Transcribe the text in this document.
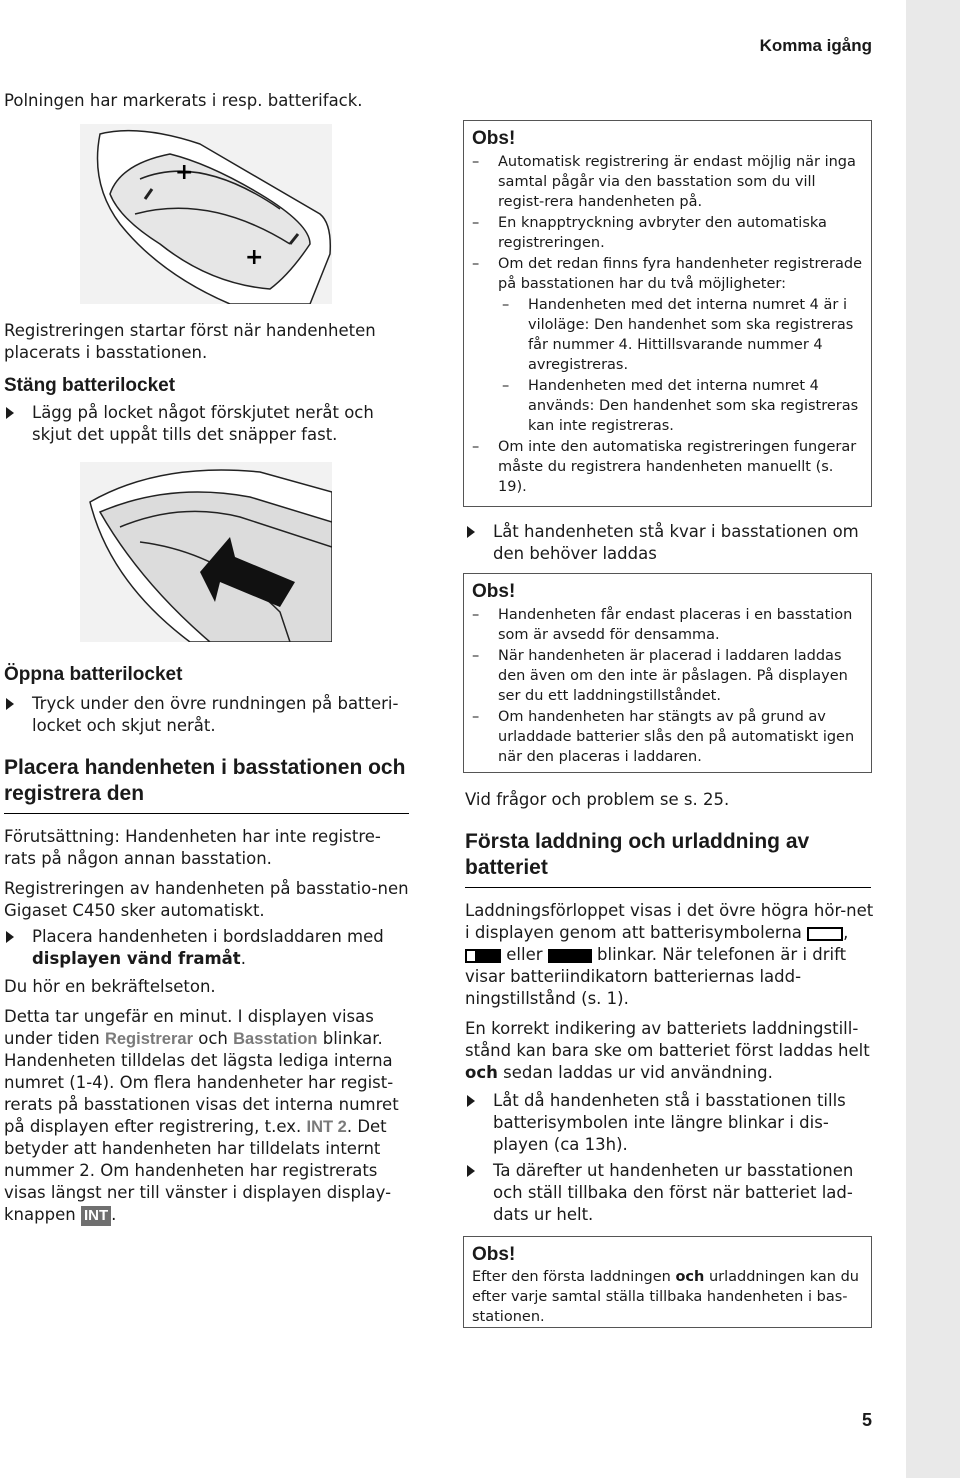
Komma igång

Polningen har markerats i resp. batterifack.

+
+

Registreringen startar först när handenheten placerats i basstationen.

Stäng batterilocket
Lägg på locket något förskjutet neråt och skjut det uppåt tills det snäpper fast.
Öppna batterilocket
Tryck under den övre rundningen på batteri-locket och skjut neråt.
Placera handenheten i basstationen och registrera den

Förutsättning: Handenheten har inte registre-rats på någon annan basstation.

Registreringen av handenheten på basstatio-nen Gigaset C450 sker automatiskt.

Placera handenheten i bordsladdaren med displayen vänd framåt.

Du hör en bekräftelseton.

Detta tar ungefär en minut. I displayen visas under tiden Registrerar och Basstation blinkar. Handenheten tilldelas det lägsta lediga interna numret (1-4). Om flera handenheter har regist-rerats på basstationen visas det interna numret på displayen efter registrering, t.ex. INT 2. Det betyder att handenheten har tilldelats internt nummer 2. Om handenheten har registrerats visas längst ner till vänster i displayen display-knappen INT .

Obs!
– Automatisk registrering är endast möjlig när inga samtal pågår via den basstation som du vill regist-rera handenheten på.
– En knapptryckning avbryter den automatiska registreringen.
– Om det redan finns fyra handenheter registrerade på basstationen har du två möjligheter:
– Handenheten med det interna numret 4 är i viloläge: Den handenhet som ska registreras får nummer 4. Hittillsvarande nummer 4 avregistreras.
– Handenheten med det interna numret 4 används: Den handenhet som ska registreras kan inte registreras.
– Om inte den automatiska registreringen fungerar måste du registrera handenheten manuellt (s. 19).
Låt handenheten stå kvar i basstationen om den behöver laddas
Obs!
– Handenheten får endast placeras i en basstation som är avsedd för densamma.
– När handenheten är placerad i laddaren laddas den även om den inte är påslagen. På displayen ser du ett laddningstillståndet.
– Om handenheten har stängts av på grund av urladdade batterier slås den på automatiskt igen när den placeras i laddaren.

Vid frågor och problem se s. 25.

Första laddning och urladdning av batteriet

Laddningsförloppet visas i det övre högra hör-net i displayen genom att batterisymbolerna	,  eller	blinkar. När telefonen är i drift visar batteriindikatorn batteriernas ladd-ningstillstånd (s. 1).

En korrekt indikering av batteriets laddningstill-stånd kan bara ske om batteriet först laddas helt och sedan laddas ur vid användning.

Låt då handenheten stå i basstationen tills batterisymbolen inte längre blinkar i dis-playen (ca 13h).
Ta därefter ut handenheten ur basstationen och ställ tillbaka den först när batteriet lad-dats ur helt.
Obs!
Efter den första laddningen och urladdningen kan du efter varje samtal ställa tillbaka handenheten i bas-stationen.
5
